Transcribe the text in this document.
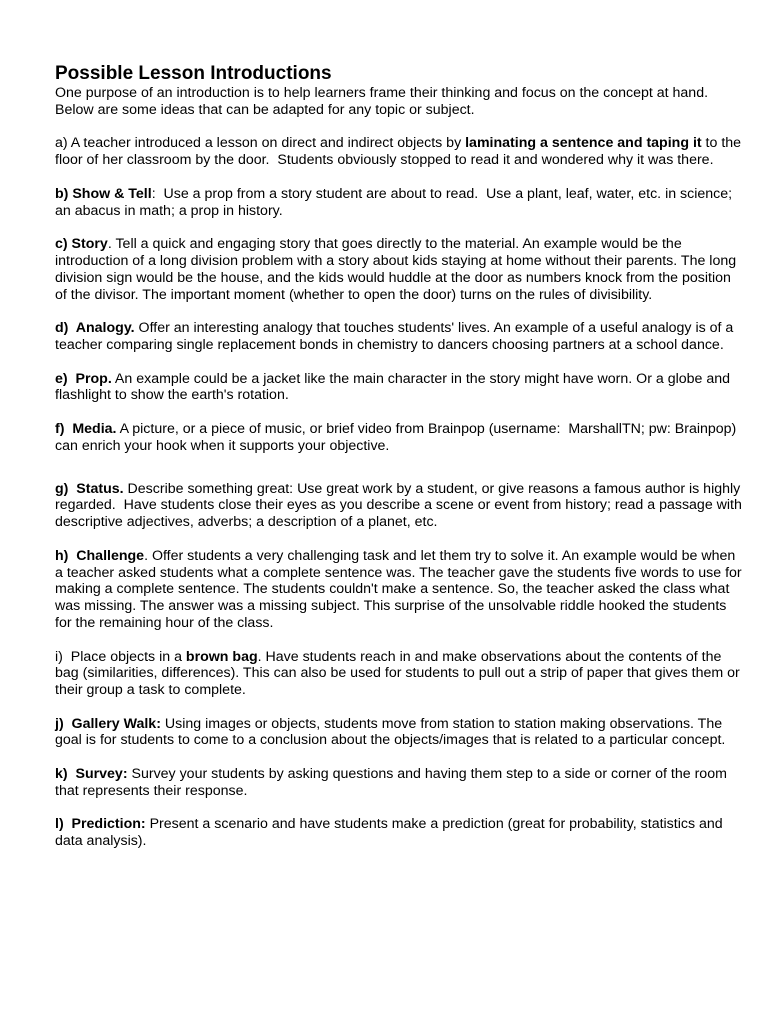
Possible Lesson Introductions

One purpose of an introduction is to help learners frame their thinking and focus on the concept at hand. Below are some ideas that can be adapted for any topic or subject.

a) A teacher introduced a lesson on direct and indirect objects by laminating a sentence and taping it to the floor of her classroom by the door.  Students obviously stopped to read it and wondered why it was there.

b) Show & Tell:  Use a prop from a story student are about to read.  Use a plant, leaf, water, etc. in science; an abacus in math; a prop in history.

c) Story. Tell a quick and engaging story that goes directly to the material. An example would be the introduction of a long division problem with a story about kids staying at home without their parents. The long division sign would be the house, and the kids would huddle at the door as numbers knock from the position of the divisor. The important moment (whether to open the door) turns on the rules of divisibility.

d)  Analogy. Offer an interesting analogy that touches students' lives. An example of a useful analogy is of a teacher comparing single replacement bonds in chemistry to dancers choosing partners at a school dance.

e)  Prop. An example could be a jacket like the main character in the story might have worn. Or a globe and flashlight to show the earth's rotation.

f)  Media. A picture, or a piece of music, or brief video from Brainpop (username:  MarshallTN; pw: Brainpop) can enrich your hook when it supports your objective.

g)  Status. Describe something great: Use great work by a student, or give reasons a famous author is highly regarded.  Have students close their eyes as you describe a scene or event from history; read a passage with descriptive adjectives, adverbs; a description of a planet, etc.

h)  Challenge. Offer students a very challenging task and let them try to solve it. An example would be when a teacher asked students what a complete sentence was. The teacher gave the students five words to use for making a complete sentence. The students couldn't make a sentence. So, the teacher asked the class what was missing. The answer was a missing subject. This surprise of the unsolvable riddle hooked the students for the remaining hour of the class.

i)  Place objects in a brown bag. Have students reach in and make observations about the contents of the bag (similarities, differences). This can also be used for students to pull out a strip of paper that gives them or their group a task to complete.

j)  Gallery Walk: Using images or objects, students move from station to station making observations. The goal is for students to come to a conclusion about the objects/images that is related to a particular concept.

k)  Survey: Survey your students by asking questions and having them step to a side or corner of the room that represents their response.

l)  Prediction: Present a scenario and have students make a prediction (great for probability, statistics and data analysis).
